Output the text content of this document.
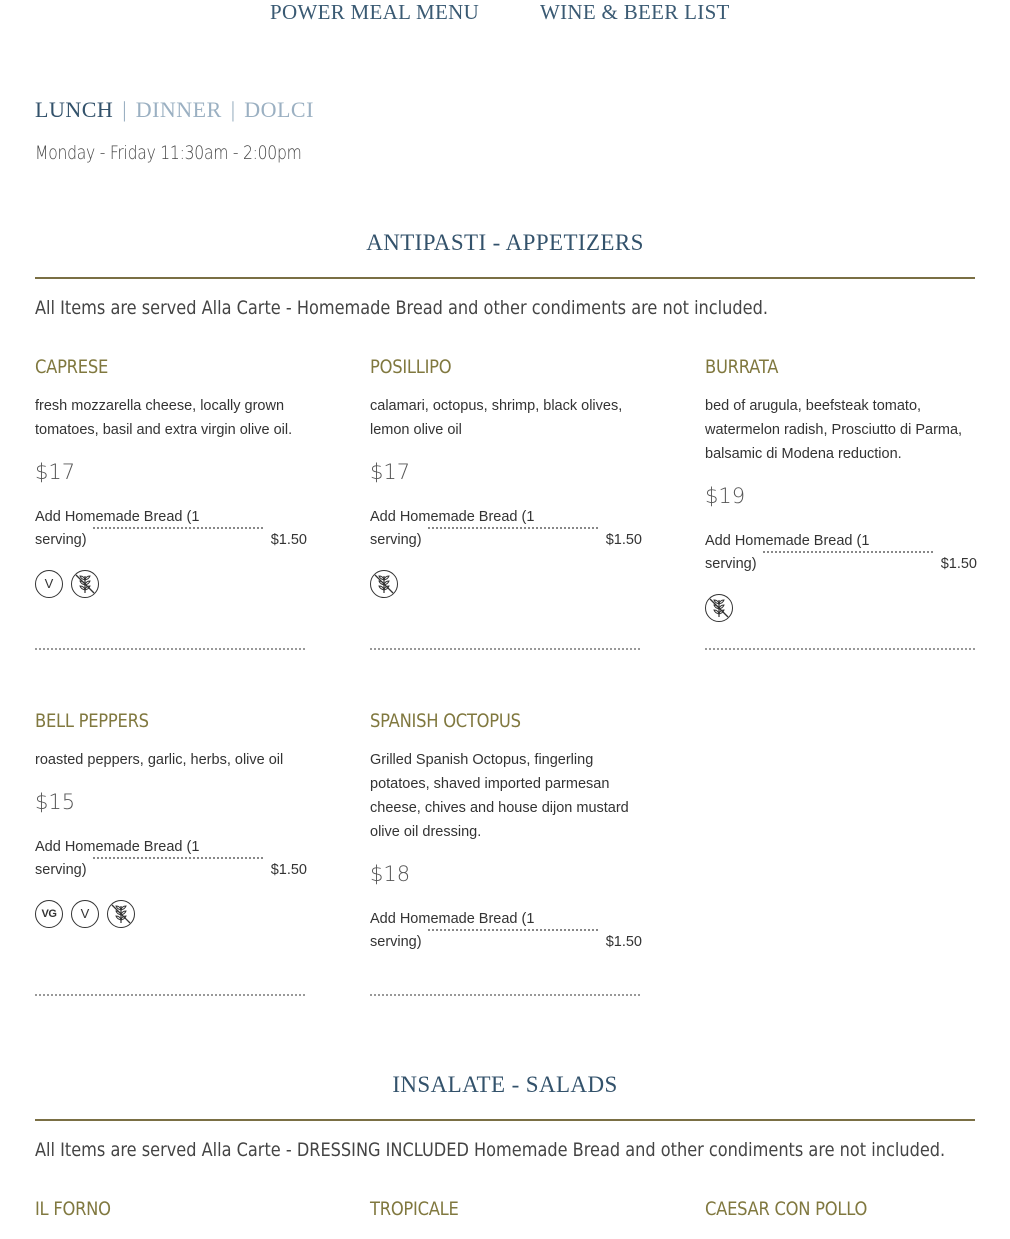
POWER MEAL MENU	WINE & BEER LIST
LUNCH | DINNER | DOLCI
Monday - Friday 11:30am - 2:00pm
ANTIPASTI - APPETIZERS
All Items are served Alla Carte - Homemade Bread and other condiments are not included.
CAPRESE
fresh mozzarella cheese, locally grown tomatoes, basil and extra virgin olive oil.
$17
Add Homemade Bread (1
serving)	$1.50
V
POSILLIPO
calamari, octopus, shrimp, black olives, lemon olive oil
$17
Add Homemade Bread (1
serving)	$1.50
BURRATA
bed of arugula, beefsteak tomato, watermelon radish, Prosciutto di Parma, balsamic di Modena reduction.
$19
Add Homemade Bread (1
serving)	$1.50
BELL PEPPERS
roasted peppers, garlic, herbs, olive oil
$15
Add Homemade Bread (1
serving)	$1.50
VG V
SPANISH OCTOPUS
Grilled Spanish Octopus, fingerling potatoes, shaved imported parmesan cheese, chives and house dijon mustard olive oil dressing.
$18
Add Homemade Bread (1
serving)	$1.50
INSALATE - SALADS
All Items are served Alla Carte - DRESSING INCLUDED Homemade Bread and other condiments are not included.
IL FORNO	TROPICALE	CAESAR CON POLLO
